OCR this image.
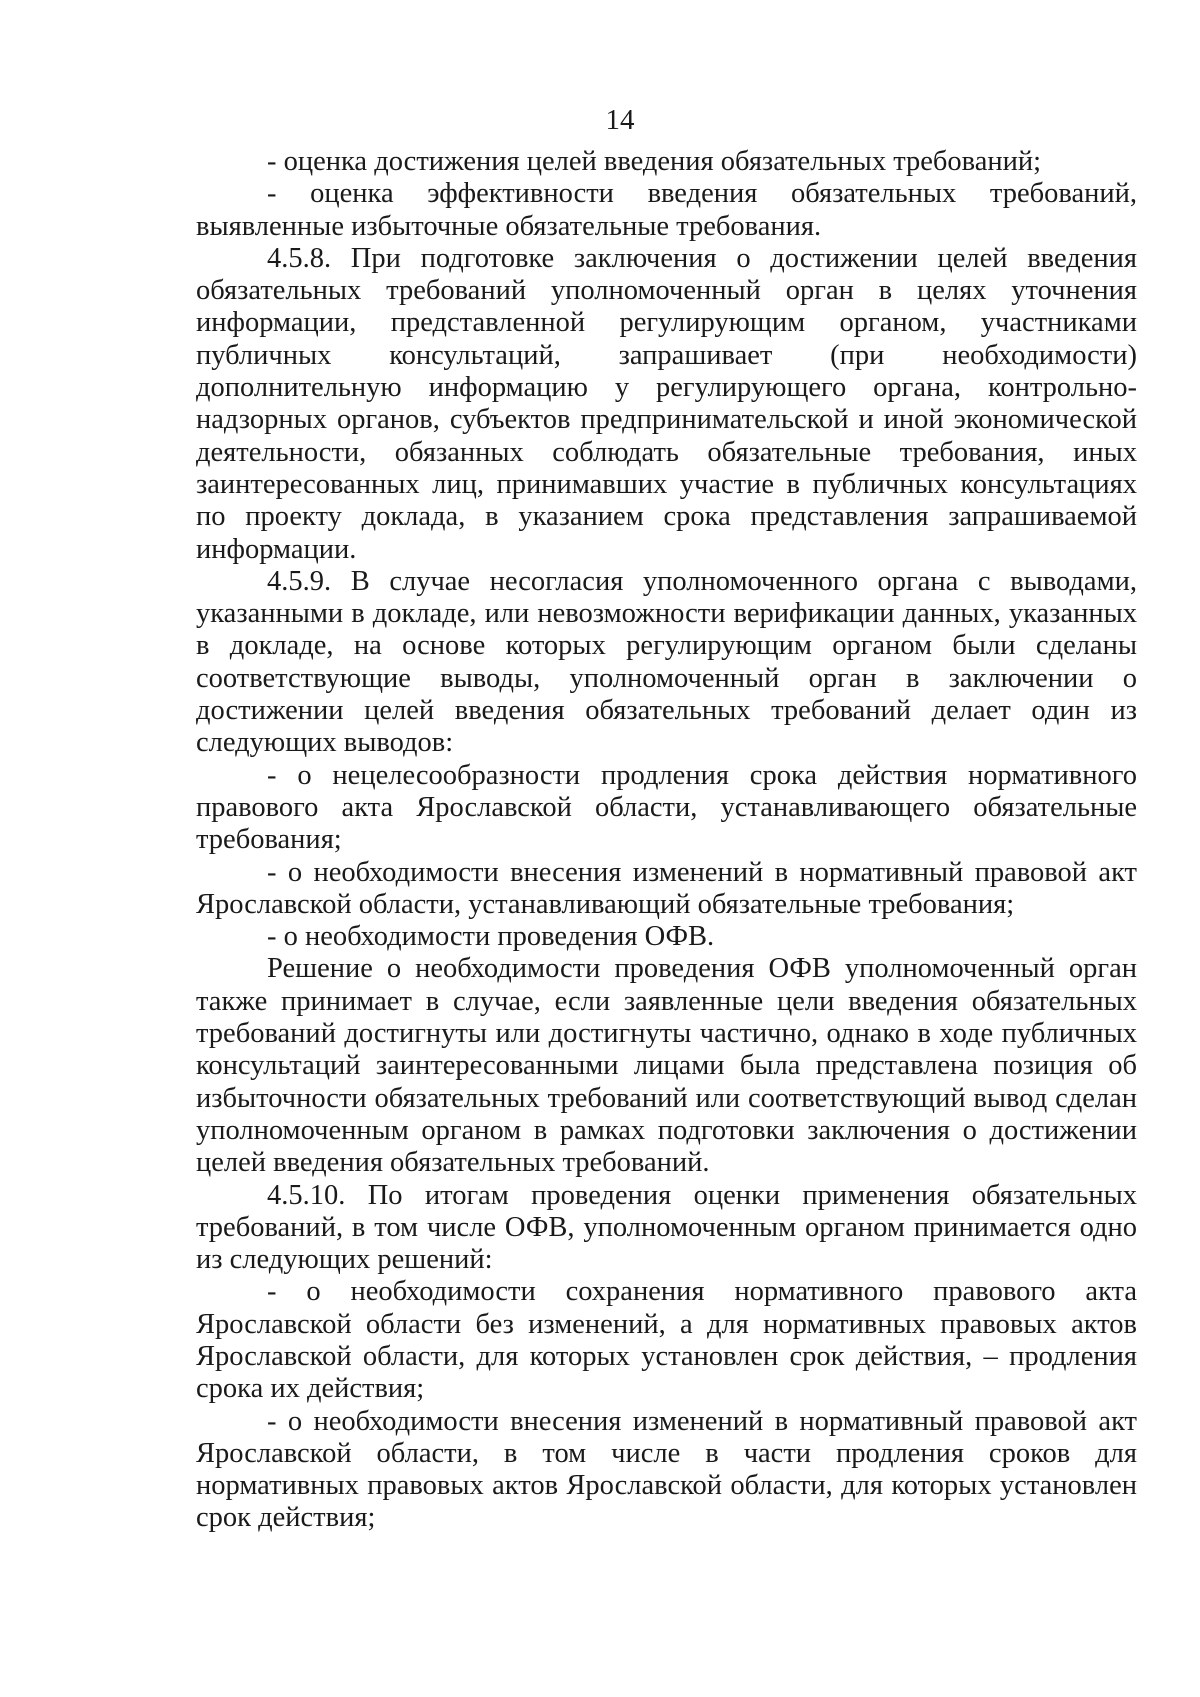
14

- оценка достижения целей введения обязательных требований;

- оценка эффективности введения обязательных требований, выявленные избыточные обязательные требования.

4.5.8. При подготовке заключения о достижении целей введения обязательных требований уполномоченный орган в целях уточнения информации, представленной регулирующим органом, участниками публичных консультаций, запрашивает (при необходимости) дополнительную информацию у регулирующего органа, контрольно-надзорных органов, субъектов предпринимательской и иной экономической деятельности, обязанных соблюдать обязательные требования, иных заинтересованных лиц, принимавших участие в публичных консультациях по проекту доклада, в указанием срока представления запрашиваемой информации.

4.5.9. В случае несогласия уполномоченного органа с выводами, указанными в докладе, или невозможности верификации данных, указанных в докладе, на основе которых регулирующим органом были сделаны соответствующие выводы, уполномоченный орган в заключении о достижении целей введения обязательных требований делает один из следующих выводов:

- о нецелесообразности продления срока действия нормативного правового акта Ярославской области, устанавливающего обязательные требования;

- о необходимости внесения изменений в нормативный правовой акт Ярославской области, устанавливающий обязательные требования;

- о необходимости проведения ОФВ.

Решение о необходимости проведения ОФВ уполномоченный орган также принимает в случае, если заявленные цели введения обязательных требований достигнуты или достигнуты частично, однако в ходе публичных консультаций заинтересованными лицами была представлена позиция об избыточности обязательных требований или соответствующий вывод сделан уполномоченным органом в рамках подготовки заключения о достижении целей введения обязательных требований.

4.5.10. По итогам проведения оценки применения обязательных требований, в том числе ОФВ, уполномоченным органом принимается одно из следующих решений:

- о необходимости сохранения нормативного правового акта Ярославской области без изменений, а для нормативных правовых актов Ярославской области, для которых установлен срок действия, – продления срока их действия;

- о необходимости внесения изменений в нормативный правовой акт Ярославской области, в том числе в части продления сроков для нормативных правовых актов Ярославской области, для которых установлен срок действия;
